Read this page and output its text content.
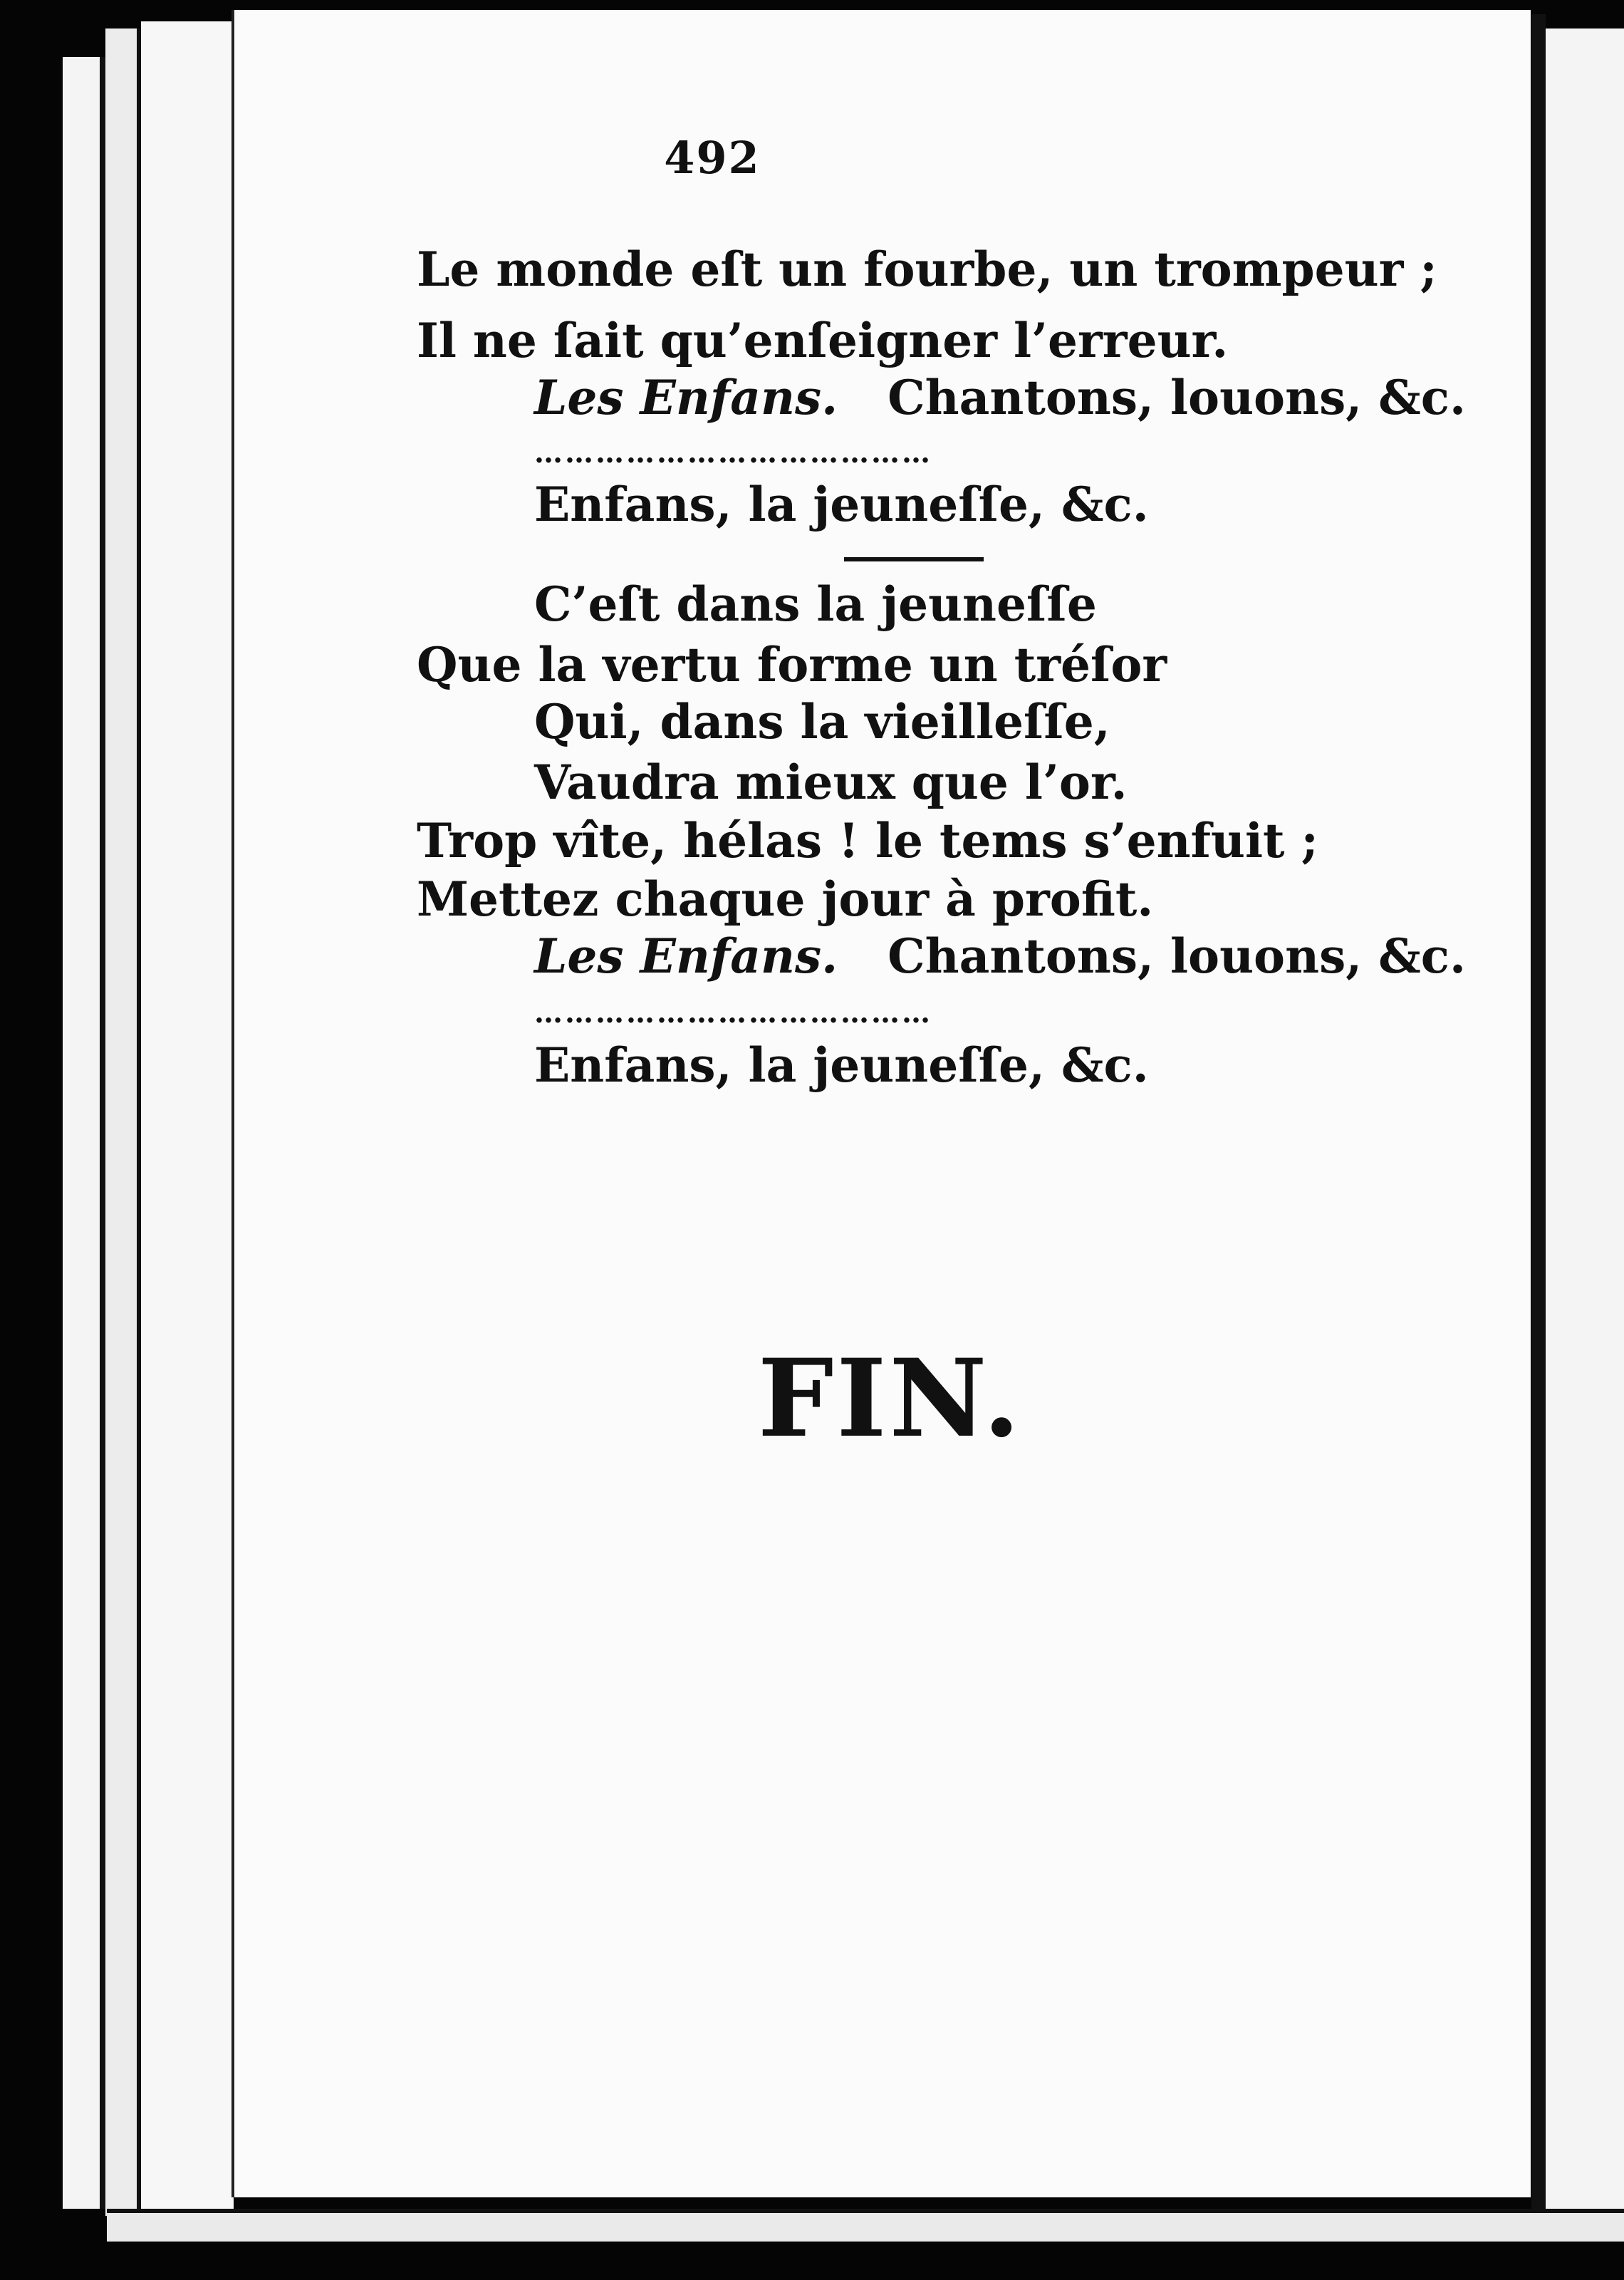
492
Le monde eſt un fourbe, un trompeur ;
Il ne ſait qu’enſeigner l’erreur.
Les Enfans. Chantons, louons, &c.
…………………………………
Enfans, la jeuneſſe, &c.
C’eſt dans la jeuneſſe
Que la vertu forme un tréſor
Qui, dans la vieilleſſe,
Vaudra mieux que l’or.
Trop vîte, hélas ! le tems s’enfuit ;
Mettez chaque jour à profit.
Les Enfans. Chantons, louons, &c.
…………………………………
Enfans, la jeuneſſe, &c.
FIN.
